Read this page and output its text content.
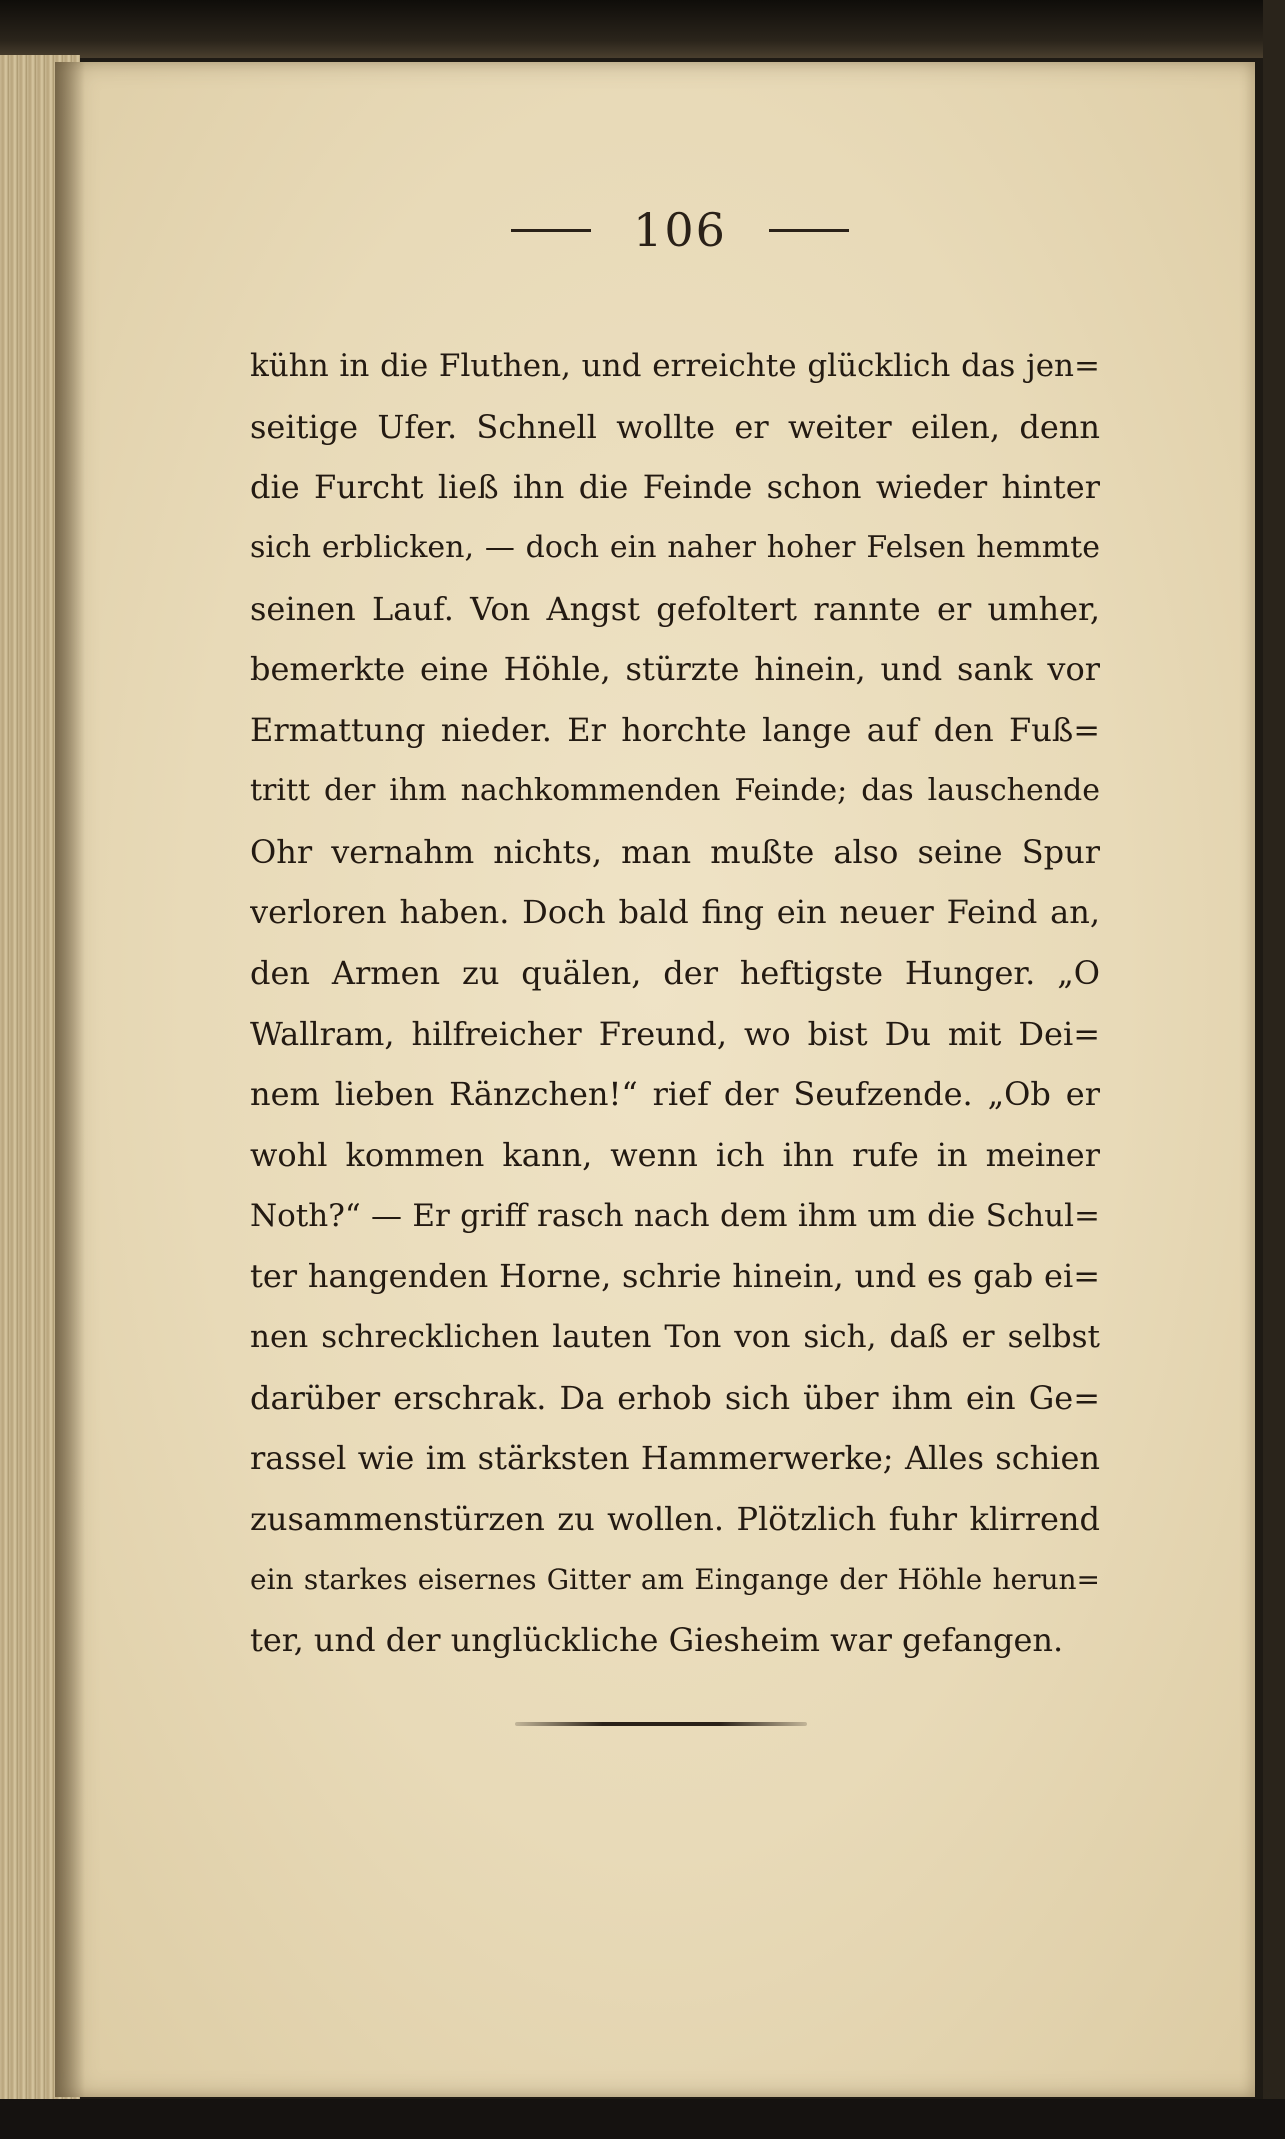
106
kühn in die Fluthen, und erreichte glücklich das jen=
seitige Ufer. Schnell wollte er weiter eilen, denn
die Furcht ließ ihn die Feinde schon wieder hinter
sich erblicken, — doch ein naher hoher Felsen hemmte
seinen Lauf. Von Angst gefoltert rannte er umher,
bemerkte eine Höhle, stürzte hinein, und sank vor
Ermattung nieder. Er horchte lange auf den Fuß=
tritt der ihm nachkommenden Feinde; das lauschende
Ohr vernahm nichts, man mußte also seine Spur
verloren haben. Doch bald fing ein neuer Feind an,
den Armen zu quälen, der heftigste Hunger. „O
Wallram, hilfreicher Freund, wo bist Du mit Dei=
nem lieben Ränzchen!“ rief der Seufzende. „Ob er
wohl kommen kann, wenn ich ihn rufe in meiner
Noth?“ — Er griff rasch nach dem ihm um die Schul=
ter hangenden Horne, schrie hinein, und es gab ei=
nen schrecklichen lauten Ton von sich, daß er selbst
darüber erschrak. Da erhob sich über ihm ein Ge=
rassel wie im stärksten Hammerwerke; Alles schien
zusammenstürzen zu wollen. Plötzlich fuhr klirrend
ein starkes eisernes Gitter am Eingange der Höhle herun=
ter, und der unglückliche Giesheim war gefangen.
